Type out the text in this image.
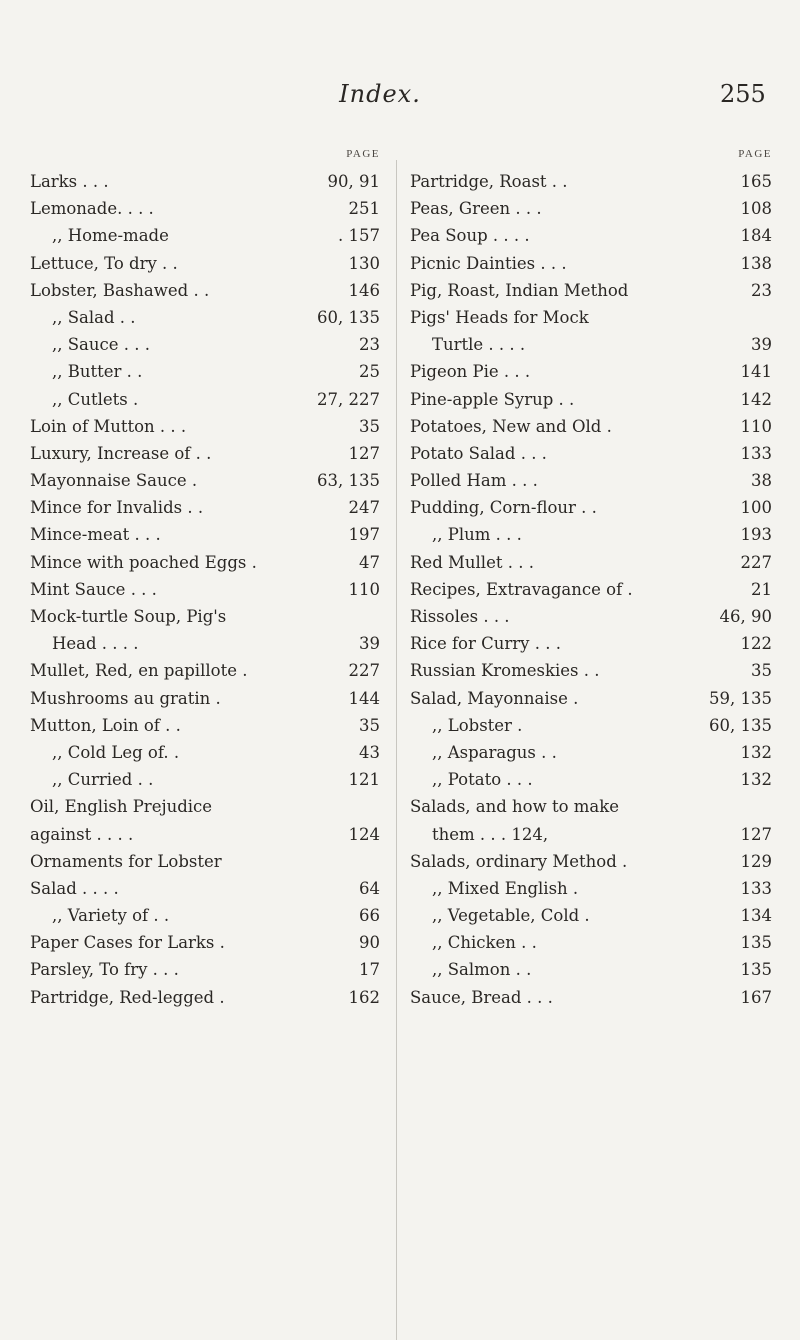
Index.	255
PAGE
Larks . . .	90, 91
Lemonade. . . .	251
,, Home-made	. 157
Lettuce, To dry . .	130
Lobster, Bashawed . .	146
,, Salad . .	60, 135
,, Sauce . . .	23
,, Butter . .	25
,, Cutlets .	27, 227
Loin of Mutton . . .	35
Luxury, Increase of . .	127
Mayonnaise Sauce .	63, 135
Mince for Invalids . .	247
Mince-meat . . .	197
Mince with poached Eggs .	47
Mint Sauce . . .	110
Mock-turtle Soup, Pig's
Head . . . .	39
Mullet, Red, en papillote .	227
Mushrooms au gratin .	144
Mutton, Loin of . .	35
,, Cold Leg of. .	43
,, Curried . .	121
Oil, English Prejudice
against . . . .	124
Ornaments for Lobster
Salad . . . .	64
,, Variety of . .	66
Paper Cases for Larks .	90
Parsley, To fry . . .	17
Partridge, Red-legged .	162
PAGE
Partridge, Roast . .	165
Peas, Green . . .	108
Pea Soup . . . .	184
Picnic Dainties . . .	138
Pig, Roast, Indian Method	23
Pigs' Heads for Mock
Turtle . . . .	39
Pigeon Pie . . .	141
Pine-apple Syrup . .	142
Potatoes, New and Old .	110
Potato Salad . . .	133
Polled Ham . . .	38
Pudding, Corn-flour . .	100
,, Plum . . .	193
Red Mullet . . .	227
Recipes, Extravagance of .	21
Rissoles . . .	46, 90
Rice for Curry . . .	122
Russian Kromeskies . .	35
Salad, Mayonnaise .	59, 135
,, Lobster .	60, 135
,, Asparagus . .	132
,, Potato . . .	132
Salads, and how to make
them . . . 124,	127
Salads, ordinary Method .	129
,, Mixed English .	133
,, Vegetable, Cold .	134
,, Chicken . .	135
,, Salmon . .	135
Sauce, Bread . . .	167
